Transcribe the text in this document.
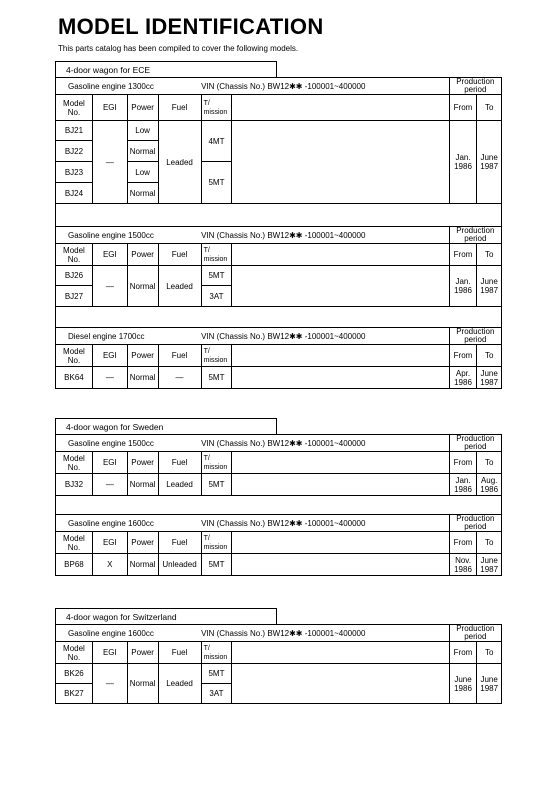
MODEL IDENTIFICATION
This parts catalog has been compiled to cover the following models.
4-door wagon for ECE
Gasoline engine 1300cc				VIN (Chassis No.) BW12✱✱ -100001~400000		Production period	
Model No.	EGI	Power	Fuel	T/ mission		From	To
BJ21	—	Low	Leaded	4MT		Jan. 1986	June 1987
BJ22		Normal					
BJ23		Low		5MT			
BJ24		Normal					

Gasoline engine 1500cc				VIN (Chassis No.) BW12✱✱ -100001~400000		Production period	
Model No.	EGI	Power	Fuel	T/ mission		From	To
BJ26	—	Normal	Leaded	5MT		Jan. 1986	June 1987
BJ27				3AT			

Diesel engine 1700cc				VIN (Chassis No.) BW12✱✱ -100001~400000		Production period	
Model No.	EGI	Power	Fuel	T/ mission		From	To
BK64	—	Normal	—	5MT		Apr. 1986	June 1987
4-door wagon for Sweden
Gasoline engine 1500cc				VIN (Chassis No.) BW12✱✱ -100001~400000		Production period	
Model No.	EGI	Power	Fuel	T/ mission		From	To
BJ32	—	Normal	Leaded	5MT		Jan. 1986	Aug. 1986

Gasoline engine 1600cc				VIN (Chassis No.) BW12✱✱ -100001~400000		Production period	
Model No.	EGI	Power	Fuel	T/ mission		From	To
BP68	X	Normal	Unleaded	5MT		Nov. 1986	June 1987
4-door wagon for Switzerland
Gasoline engine 1600cc				VIN (Chassis No.) BW12✱✱ -100001~400000		Production period	
Model No.	EGI	Power	Fuel	T/ mission		From	To
BK26	—	Normal	Leaded	5MT		June 1986	June 1987
BK27				3AT			
